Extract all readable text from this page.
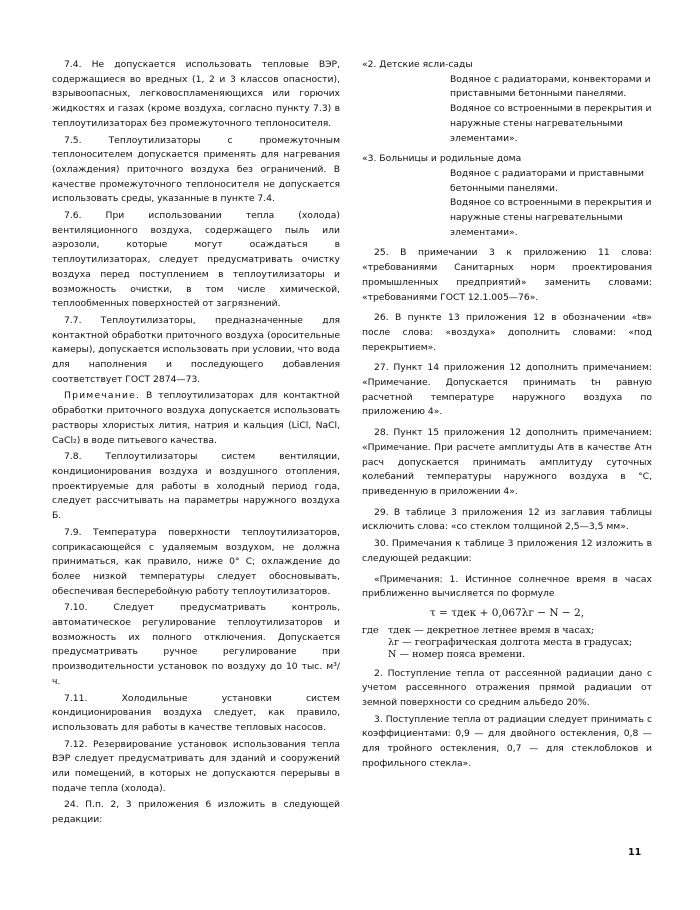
7.4. Не допускается использовать тепловые ВЭР, содержащиеся во вредных (1, 2 и 3 классов опасности), взрывоопасных, легковоспламеняющихся или горючих жидкостях и газах (кроме воздуха, согласно пункту 7.3) в теплоутилизаторах без промежуточного теплоносителя.

7.5. Теплоутилизаторы с промежуточным теплоносителем допускается применять для нагревания (охлаждения) приточного воздуха без ограничений. В качестве промежуточного теплоносителя не допускается использовать среды, указанные в пункте 7.4.

7.6. При использовании тепла (холода) вентиляционного воздуха, содержащего пыль или аэрозоли, которые могут осаждаться в теплоутилизаторах, следует предусматривать очистку воздуха перед поступлением в теплоутилизаторы и возможность очистки, в том числе химической, теплообменных поверхностей от загрязнений.

7.7. Теплоутилизаторы, предназначенные для контактной обработки приточного воздуха (оросительные камеры), допускается использовать при условии, что вода для наполнения и последующего добавления соответствует ГОСТ 2874—73.

Примечание. В теплоутилизаторах для контактной обработки приточного воздуха допускается использовать растворы хлористых лития, натрия и кальция (LiCl, NaCl, CaCl₂) в воде питьевого качества.

7.8. Теплоутилизаторы систем вентиляции, кондиционирования воздуха и воздушного отопления, проектируемые для работы в холодный период года, следует рассчитывать на параметры наружного воздуха Б.

7.9. Температура поверхности теплоутилизаторов, соприкасающейся с удаляемым воздухом, не должна приниматься, как правило, ниже 0° С; охлаждение до более низкой температуры следует обосновывать, обеспечивая бесперебойную работу теплоутилизаторов.

7.10. Следует предусматривать контроль, автоматическое регулирование теплоутилизаторов и возможность их полного отключения. Допускается предусматривать ручное регулирование при производительности установок по воздуху до 10 тыс. м³/ч.

7.11. Холодильные установки систем кондиционирования воздуха следует, как правило, использовать для работы в качестве тепловых насосов.

7.12. Резервирование установок использования тепла ВЭР следует предусматривать для зданий и сооружений или помещений, в которых не допускаются перерывы в подаче тепла (холода).

24. П.п. 2, 3 приложения 6 изложить в следующей редакции:

«2. Детские ясли-сады

Водяное с радиаторами, конвекторами и приставными бетонными панелями.

Водяное со встроенными в перекрытия и наружные стены нагревательными элементами».

«3. Больницы и родильные дома

Водяное с радиаторами и приставными бетонными панелями.

Водяное со встроенными в перекрытия и наружные стены нагревательными элементами».

25. В примечании 3 к приложению 11 слова: «требованиями Санитарных норм проектирования промышленных предприятий» заменить словами: «требованиями ГОСТ 12.1.005—76».

26. В пункте 13 приложения 12 в обозначении «tв» после слова: «воздуха» дополнить словами: «под перекрытием».

27. Пункт 14 приложения 12 дополнить примечанием: «Примечание. Допускается принимать tн равную расчетной температуре наружного воздуха по приложению 4».

28. Пункт 15 приложения 12 дополнить примечанием: «Примечание. При расчете амплитуды Aтв в качестве Aтн расч допускается принимать амплитуду суточных колебаний температуры наружного воздуха в °С, приведенную в приложении 4».

29. В таблице 3 приложения 12 из заглавия таблицы исключить слова: «со стеклом толщиной 2,5—3,5 мм».

30. Примечания к таблице 3 приложения 12 изложить в следующей редакции:

«Примечания: 1. Истинное солнечное время в часах приближенно вычисляется по формуле

τ = τдек + 0,067λг − N − 2,

где τдек — декретное летнее время в часах;
λг — географическая долгота места в градусах;
N — номер пояса времени.

2. Поступление тепла от рассеянной радиации дано с учетом рассеянного отражения прямой радиации от земной поверхности со средним альбедо 20%.

3. Поступление тепла от радиации следует принимать с коэффициентами: 0,9 — для двойного остекления, 0,8 — для тройного остекления, 0,7 — для стеклоблоков и профильного стекла».

11
